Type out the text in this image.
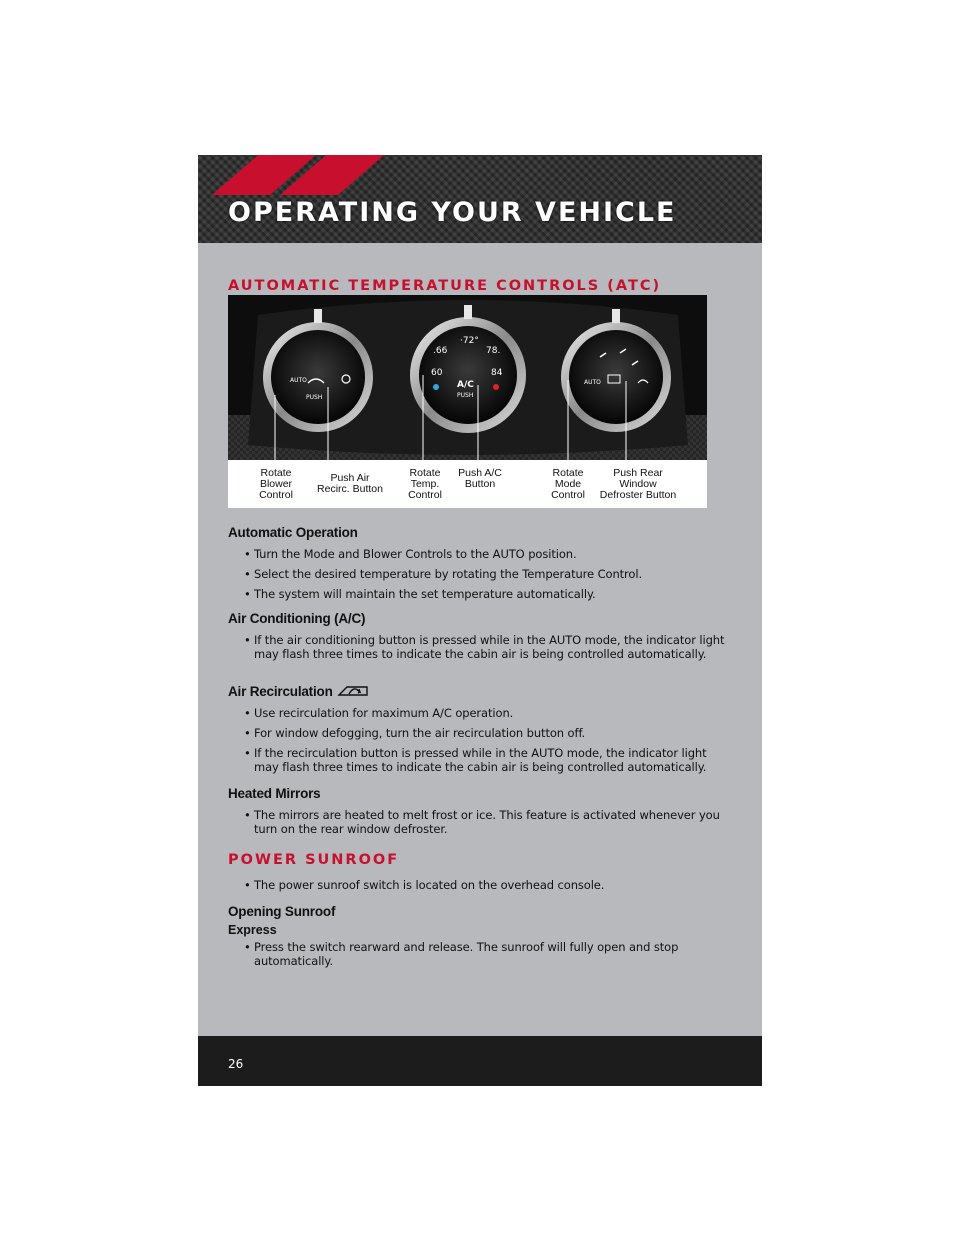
OPERATING YOUR VEHICLE
AUTOMATIC TEMPERATURE CONTROLS (ATC)
AUTO
PUSH
·72°
.66	78.
60	84
A/C
PUSH
AUTO
Rotate
Blower
Control
Push Air
Recirc. Button
Rotate
Temp.
Control
Push A/C
Button
Rotate
Mode
Control
Push Rear
Window
Defroster Button
Automatic Operation
• Turn the Mode and Blower Controls to the AUTO position.
• Select the desired temperature by rotating the Temperature Control.
• The system will maintain the set temperature automatically.
Air Conditioning (A/C)
• If the air conditioning button is pressed while in the AUTO mode, the indicator light may flash three times to indicate the cabin air is being controlled automatically.
Air Recirculation
• Use recirculation for maximum A/C operation.
• For window defogging, turn the air recirculation button off.
• If the recirculation button is pressed while in the AUTO mode, the indicator light may flash three times to indicate the cabin air is being controlled automatically.
Heated Mirrors
• The mirrors are heated to melt frost or ice. This feature is activated whenever you turn on the rear window defroster.
POWER SUNROOF
• The power sunroof switch is located on the overhead console.
Opening Sunroof
Express
• Press the switch rearward and release. The sunroof will fully open and stop automatically.
26
